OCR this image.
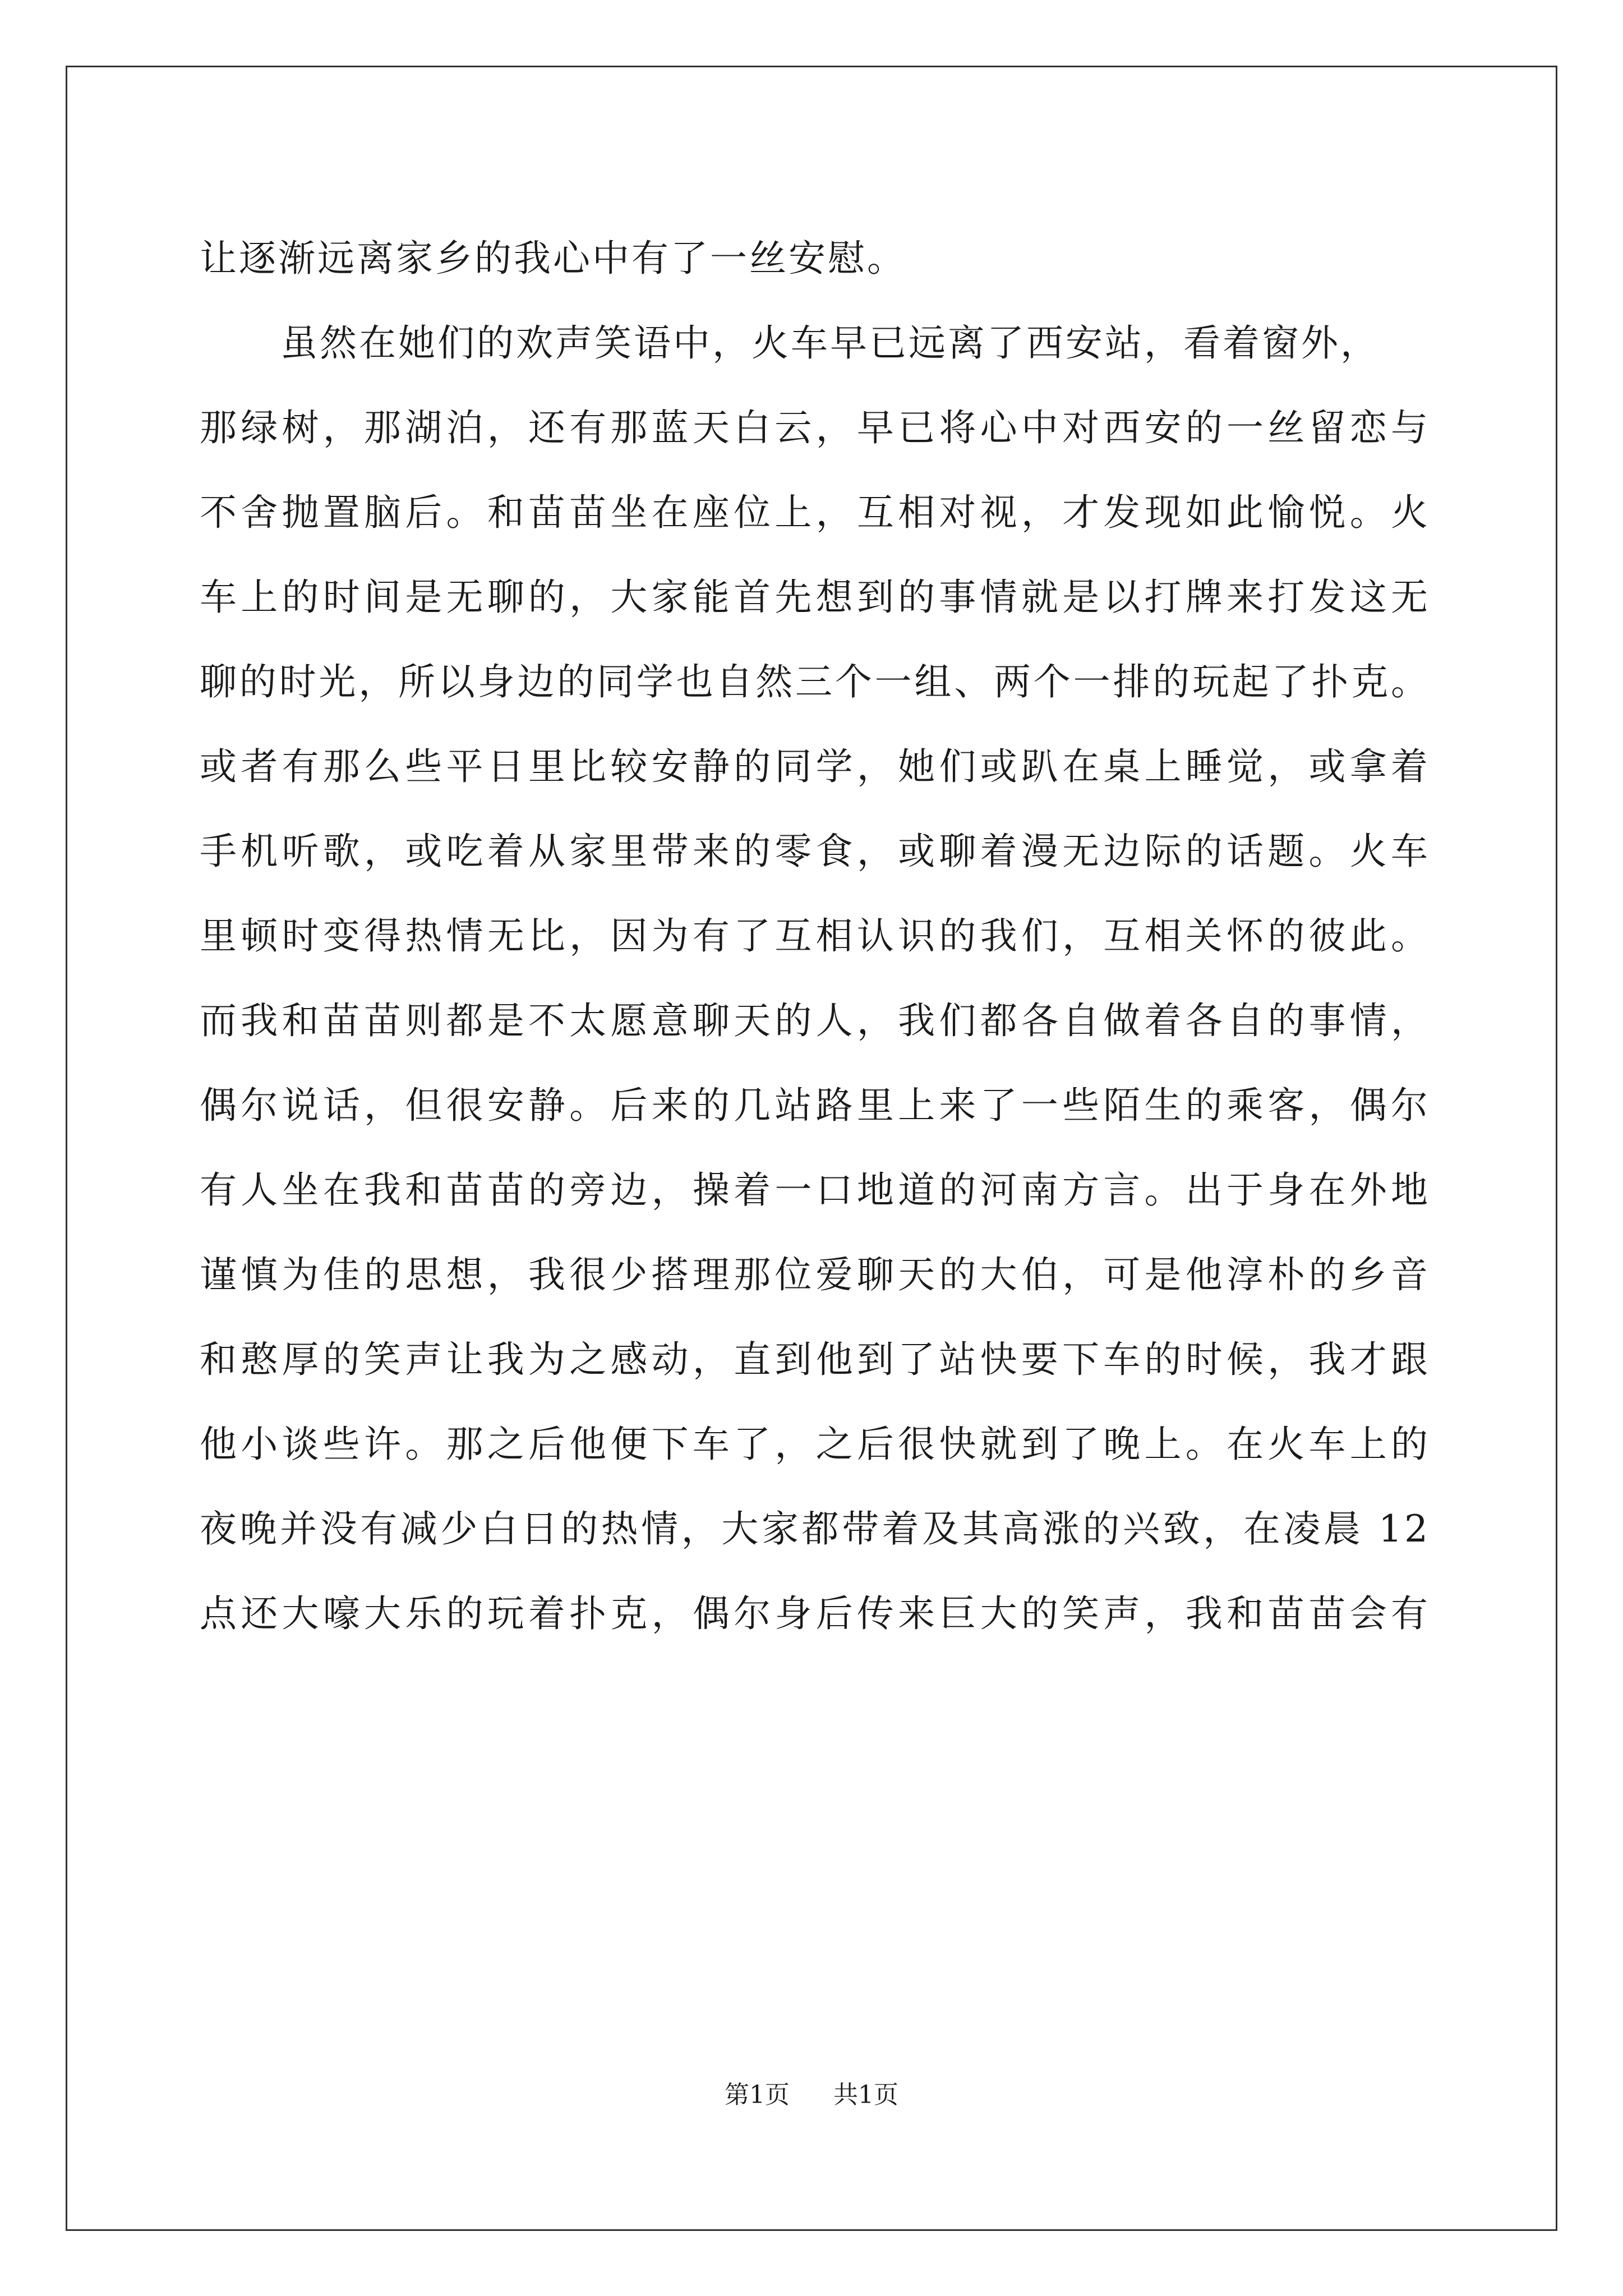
让逐渐远离家乡的我心中有了一丝安慰。
虽然在她们的欢声笑语中，火车早已远离了西安站，看着窗外，
那绿树，那湖泊，还有那蓝天白云，早已将心中对西安的一丝留恋与
不舍抛置脑后。和苗苗坐在座位上，互相对视，才发现如此愉悦。火
车上的时间是无聊的，大家能首先想到的事情就是以打牌来打发这无
聊的时光，所以身边的同学也自然三个一组、两个一排的玩起了扑克。
或者有那么些平日里比较安静的同学，她们或趴在桌上睡觉，或拿着
手机听歌，或吃着从家里带来的零食，或聊着漫无边际的话题。火车
里顿时变得热情无比，因为有了互相认识的我们，互相关怀的彼此。
而我和苗苗则都是不太愿意聊天的人，我们都各自做着各自的事情，
偶尔说话，但很安静。后来的几站路里上来了一些陌生的乘客，偶尔
有人坐在我和苗苗的旁边，操着一口地道的河南方言。出于身在外地
谨慎为佳的思想，我很少搭理那位爱聊天的大伯，可是他淳朴的乡音
和憨厚的笑声让我为之感动，直到他到了站快要下车的时候，我才跟
他小谈些许。那之后他便下车了，之后很快就到了晚上。在火车上的
夜晚并没有减少白日的热情，大家都带着及其高涨的兴致，在凌晨 12
点还大嚎大乐的玩着扑克，偶尔身后传来巨大的笑声，我和苗苗会有
第1页 共1页
